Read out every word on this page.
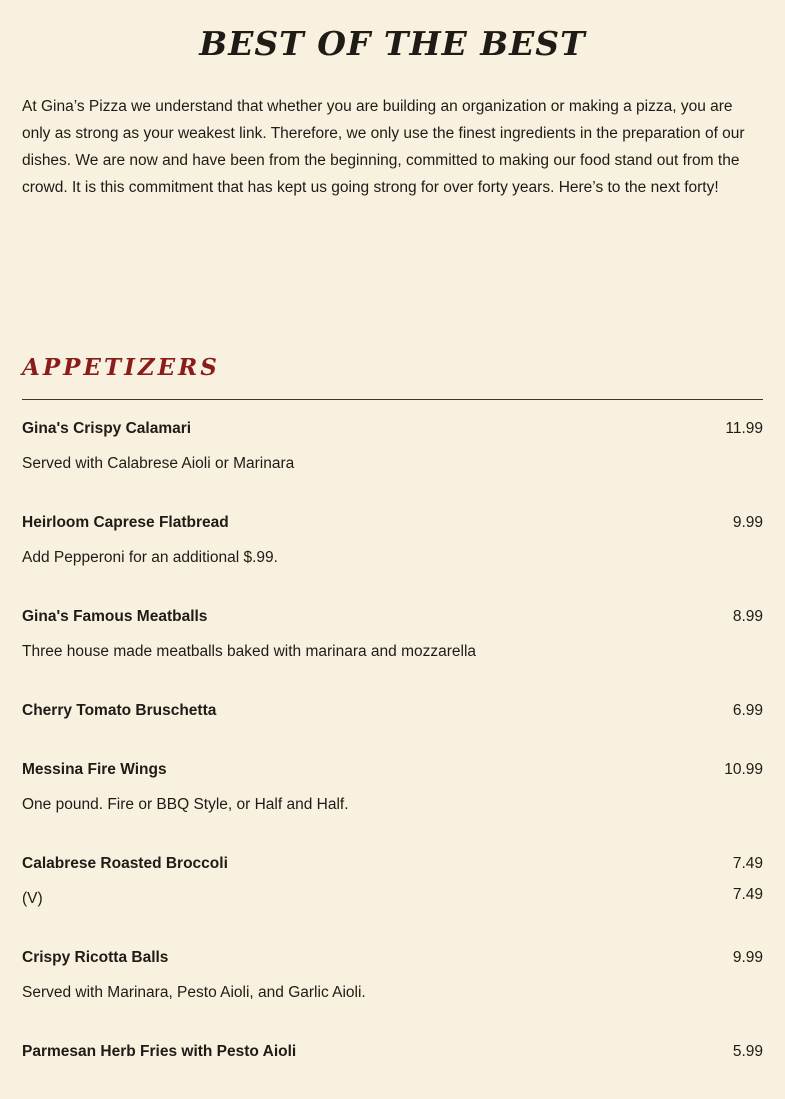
BEST OF THE BEST

At Gina’s Pizza we understand that whether you are building an organization or making a pizza, you are only as strong as your weakest link. Therefore, we only use the finest ingredients in the preparation of our dishes. We are now and have been from the beginning, committed to making our food stand out from the crowd. It is this commitment that has kept us going strong for over forty years. Here’s to the next forty!

APPETIZERS
Gina's Crispy Calamari	11.99
Served with Calabrese Aioli or Marinara
Heirloom Caprese Flatbread	9.99
Add Pepperoni for an additional $.99.
Gina's Famous Meatballs	8.99
Three house made meatballs baked with marinara and mozzarella
Cherry Tomato Bruschetta	6.99
Messina Fire Wings	10.99
One pound. Fire or BBQ Style, or Half and Half.
Calabrese Roasted Broccoli	7.49
(V)	7.49
Crispy Ricotta Balls	9.99
Served with Marinara, Pesto Aioli, and Garlic Aioli.
Parmesan Herb Fries with Pesto Aioli	5.99
